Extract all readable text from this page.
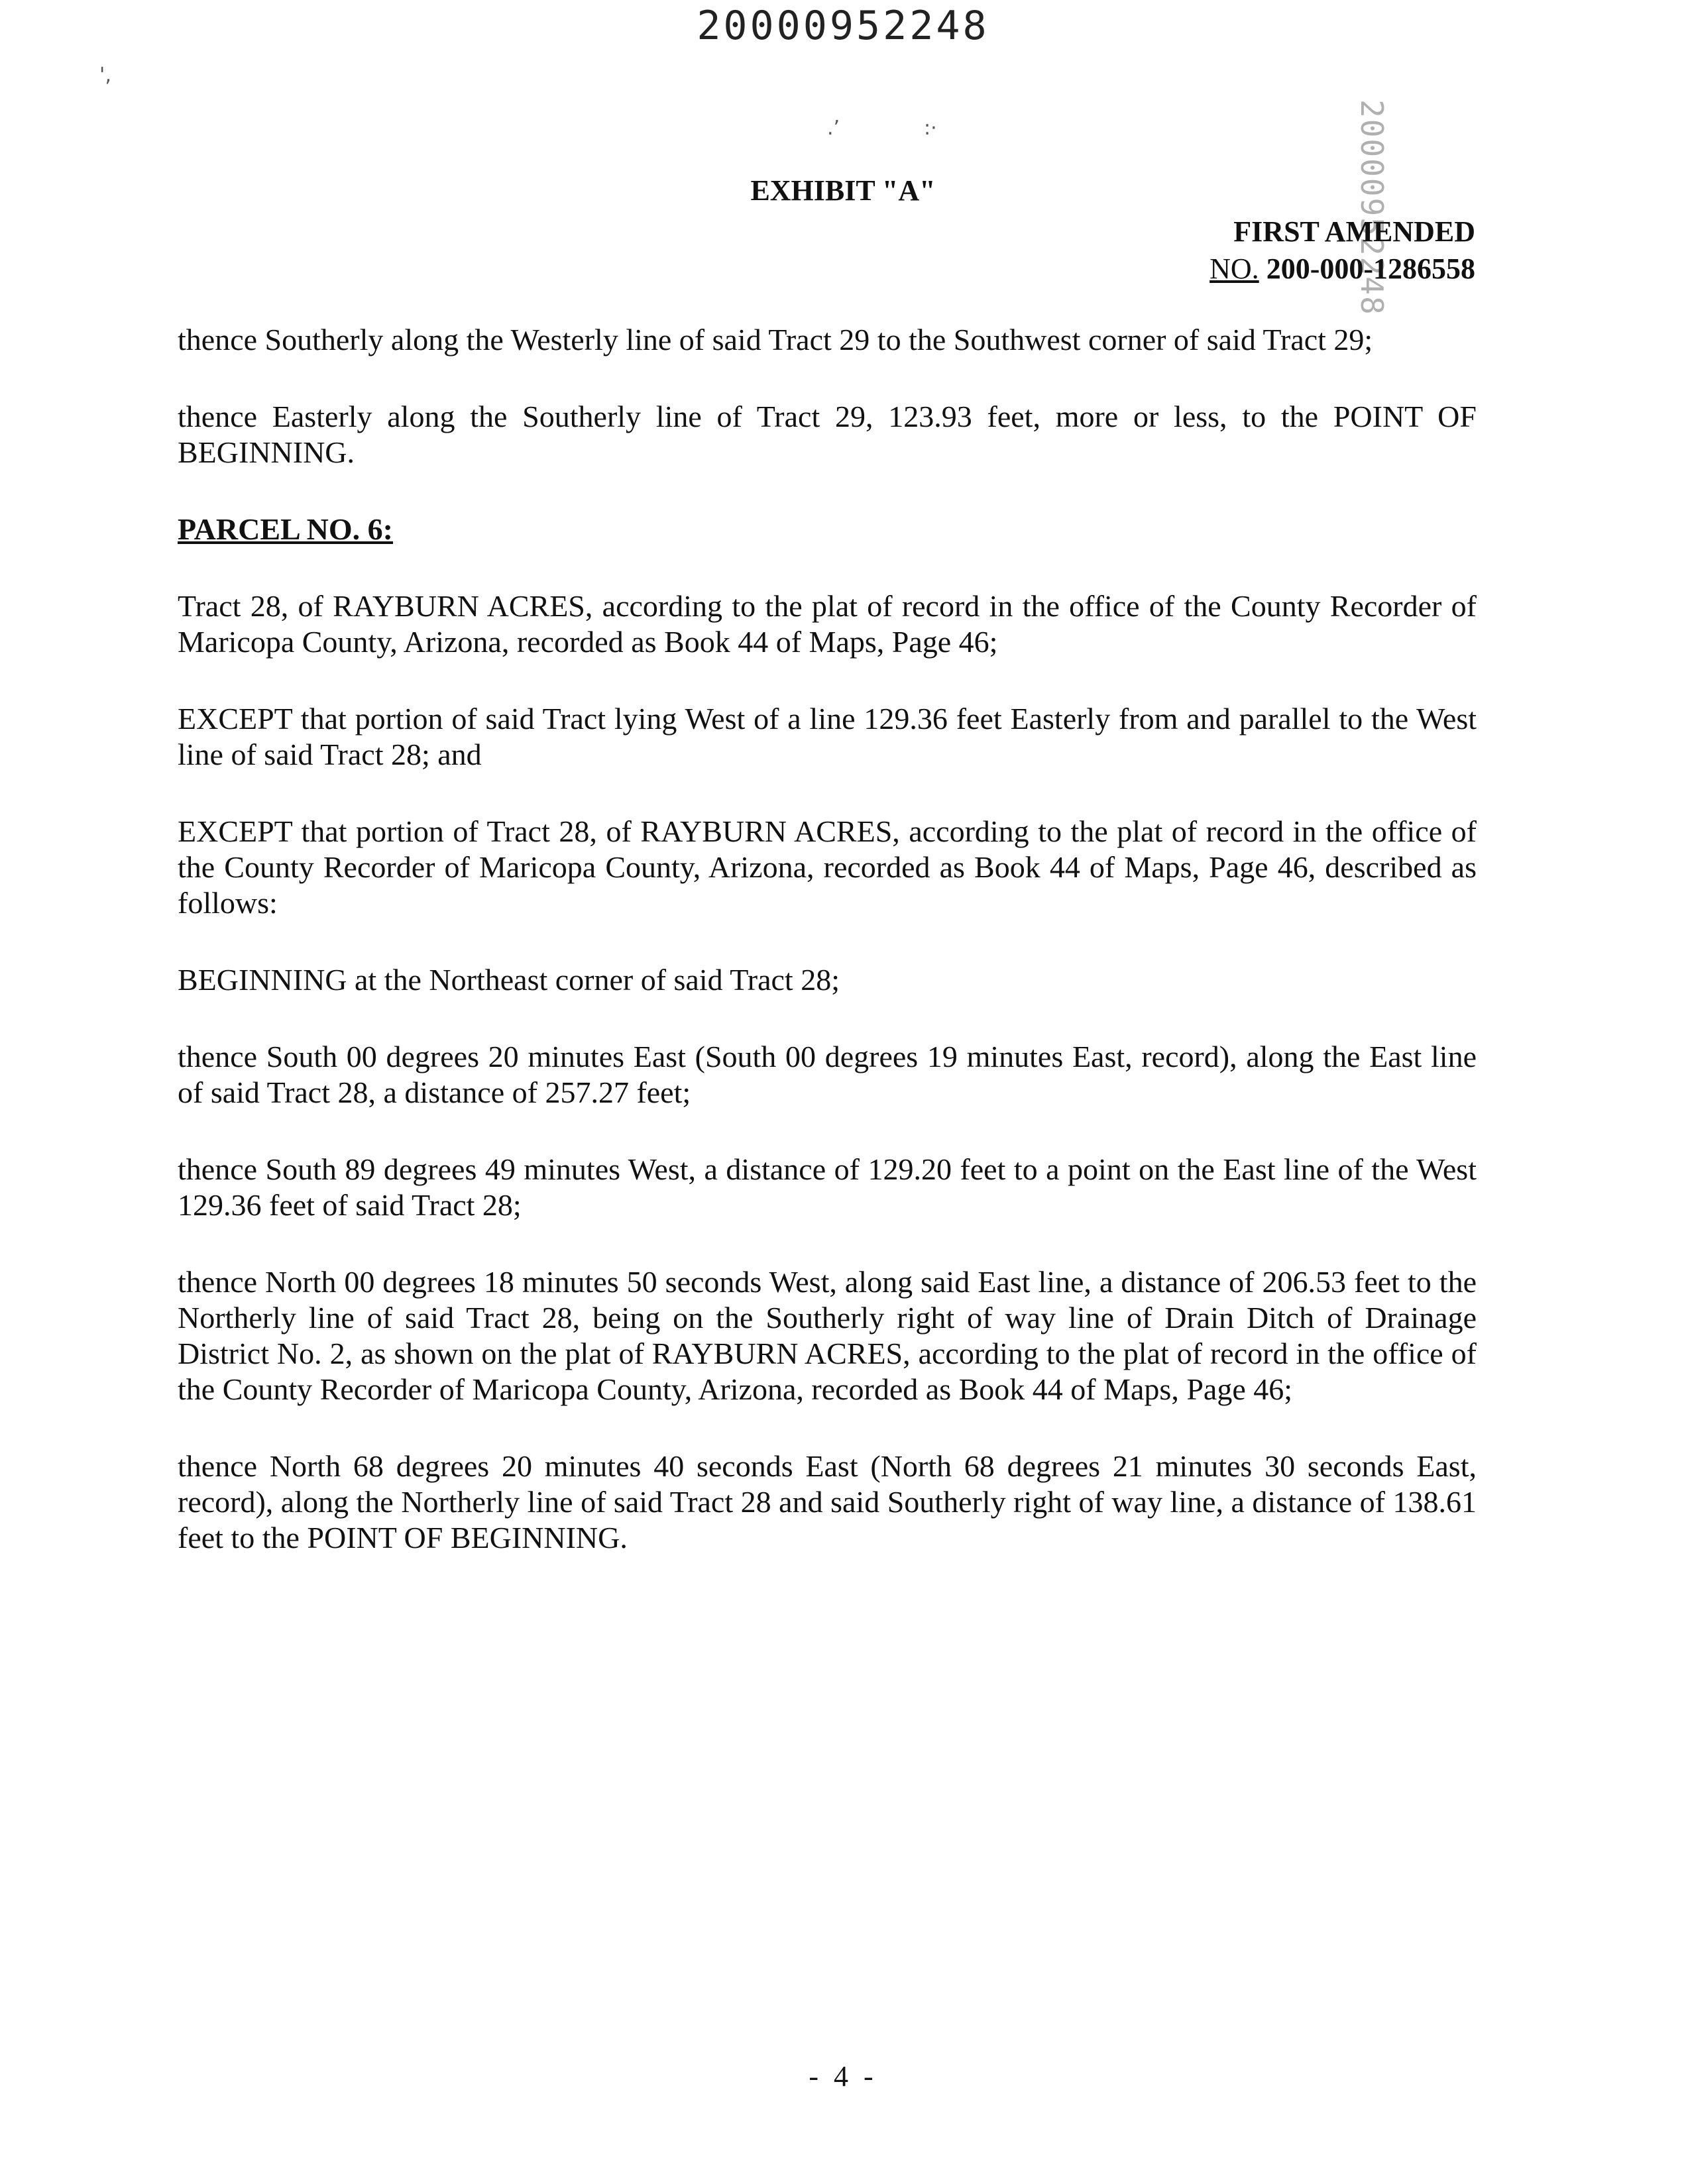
20000952248
20000952248
'‚
.’	:·
EXHIBIT "A"
FIRST AMENDED
NO. 200-000-1286558

thence Southerly along the Westerly line of said Tract 29 to the Southwest corner of said Tract 29;

thence Easterly along the Southerly line of Tract 29, 123.93 feet, more or less, to the POINT OF BEGINNING.

PARCEL NO. 6:

Tract 28, of RAYBURN ACRES, according to the plat of record in the office of the County Recorder of Maricopa County, Arizona, recorded as Book 44 of Maps, Page 46;

EXCEPT that portion of said Tract lying West of a line 129.36 feet Easterly from and parallel to the West line of said Tract 28; and

EXCEPT that portion of Tract 28, of RAYBURN ACRES, according to the plat of record in the office of the County Recorder of Maricopa County, Arizona, recorded as Book 44 of Maps, Page 46, described as follows:

BEGINNING at the Northeast corner of said Tract 28;

thence South 00 degrees 20 minutes East (South 00 degrees 19 minutes East, record), along the East line of said Tract 28, a distance of 257.27 feet;

thence South 89 degrees 49 minutes West, a distance of 129.20 feet to a point on the East line of the West 129.36 feet of said Tract 28;

thence North 00 degrees 18 minutes 50 seconds West, along said East line, a distance of 206.53 feet to the Northerly line of said Tract 28, being on the Southerly right of way line of Drain Ditch of Drainage District No. 2, as shown on the plat of RAYBURN ACRES, according to the plat of record in the office of the County Recorder of Maricopa County, Arizona, recorded as Book 44 of Maps, Page 46;

thence North 68 degrees 20 minutes 40 seconds East (North 68 degrees 21 minutes 30 seconds East, record), along the Northerly line of said Tract 28 and said Southerly right of way line, a distance of 138.61 feet to the POINT OF BEGINNING.

- 4 -
